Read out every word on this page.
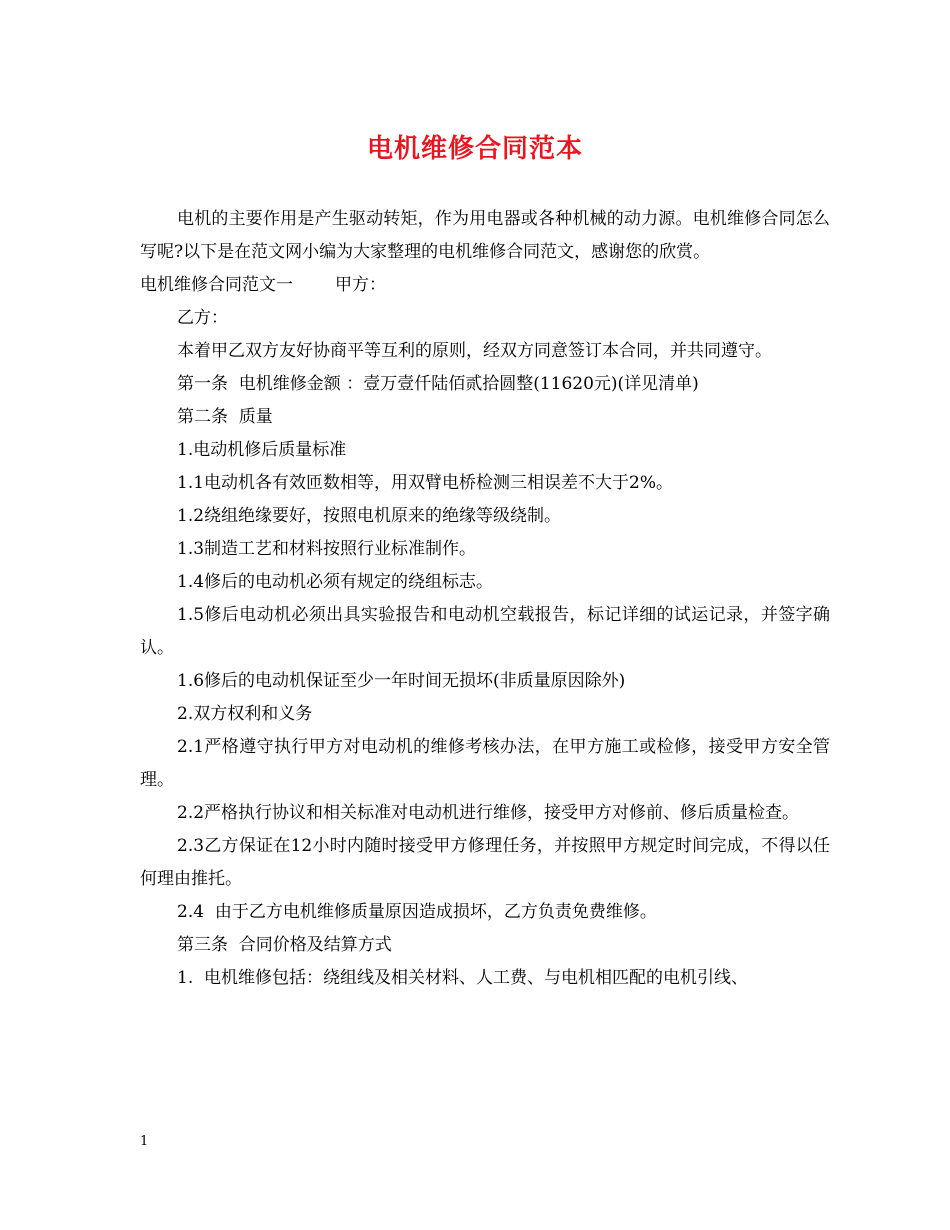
电机维修合同范本

电机的主要作用是产生驱动转矩，作为用电器或各种机械的动力源。电机维修合同怎么写呢?以下是在范文网小编为大家整理的电机维修合同范文，感谢您的欣赏。

电机维修合同范文一 甲方：

乙方：

本着甲乙双方友好协商平等互利的原则，经双方同意签订本合同，并共同遵守。

第一条  电机维修金额 ：壹万壹仟陆佰贰拾圆整(11620元)(详见清单)

第二条  质量

1.电动机修后质量标准

1.1电动机各有效匝数相等，用双臂电桥检测三相误差不大于2%。

1.2绕组绝缘要好，按照电机原来的绝缘等级绕制。

1.3制造工艺和材料按照行业标准制作。

1.4修后的电动机必须有规定的绕组标志。

1.5修后电动机必须出具实验报告和电动机空载报告，标记详细的试运记录，并签字确认。

1.6修后的电动机保证至少一年时间无损坏(非质量原因除外)

2.双方权利和义务

2.1严格遵守执行甲方对电动机的维修考核办法，在甲方施工或检修，接受甲方安全管理。

2.2严格执行协议和相关标准对电动机进行维修，接受甲方对修前、修后质量检查。

2.3乙方保证在12小时内随时接受甲方修理任务，并按照甲方规定时间完成，不得以任何理由推托。

2.4  由于乙方电机维修质量原因造成损坏，乙方负责免费维修。

第三条  合同价格及结算方式

1.  电机维修包括：绕组线及相关材料、人工费、与电机相匹配的电机引线、

1
